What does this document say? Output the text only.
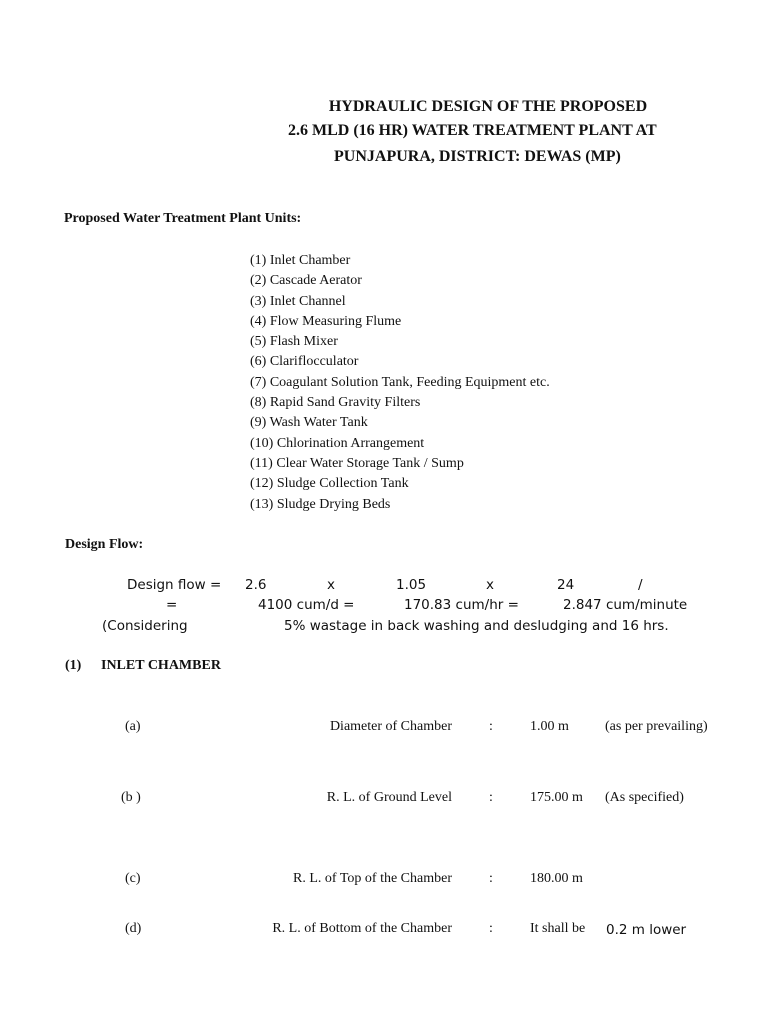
HYDRAULIC DESIGN OF THE PROPOSED
2.6 MLD (16 HR) WATER TREATMENT PLANT AT
PUNJAPURA, DISTRICT: DEWAS (MP)
Proposed Water Treatment Plant Units:
(1) Inlet Chamber
(2) Cascade Aerator
(3) Inlet Channel
(4) Flow Measuring Flume
(5) Flash Mixer
(6) Clariflocculator
(7) Coagulant Solution Tank, Feeding Equipment etc.
(8) Rapid Sand Gravity Filters
(9) Wash Water Tank
(10) Chlorination Arrangement
(11) Clear Water Storage Tank / Sump
(12) Sludge Collection Tank
(13) Sludge Drying Beds
Design Flow:
Design flow = 2.6	x	1.05	x	24	/
=	4100 cum/d =	170.83 cum/hr =	2.847 cum/minute
(Considering	5% wastage in back washing and desludging and 16 hrs.
(1) INLET CHAMBER
(a)	Diameter of Chamber	:	1.00 m	(as per prevailing)
(b )	R. L. of Ground Level	:	175.00 m (As specified)
(c)	R. L. of Top of the Chamber	:	180.00 m
(d)	R. L. of Bottom of the Chamber	:	It shall be 0.2 m lower
